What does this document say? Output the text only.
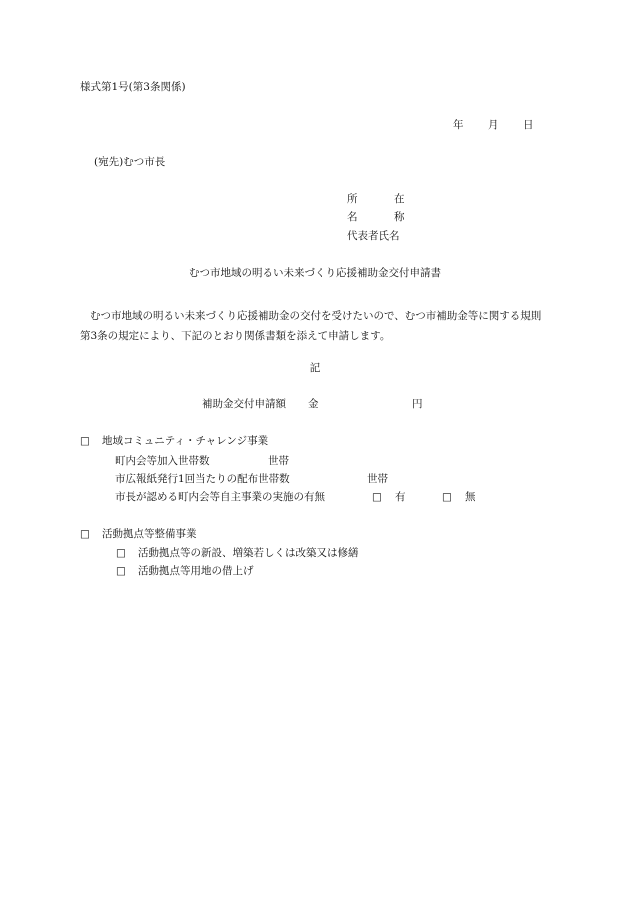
様式第1号(第3条関係)
年 月 日
(宛先)むつ市長
所	在
名	称
代表者氏名
むつ市地域の明るい未来づくり応援補助金交付申請書
むつ市地域の明るい未来づくり応援補助金の交付を受けたいので、むつ市補助金等に関する規則第3条の規定により、下記のとおり関係書類を添えて申請します。
記
補助金交付申請額 金	円
□ 地域コミュニティ・チャレンジ事業
町内会等加入世帯数	世帯
市広報紙発行1回当たりの配布世帯数	世帯
市長が認める町内会等自主事業の実施の有無	□ 有	□ 無
□ 活動拠点等整備事業
□ 活動拠点等の新設、増築若しくは改築又は修繕
□ 活動拠点等用地の借上げ
